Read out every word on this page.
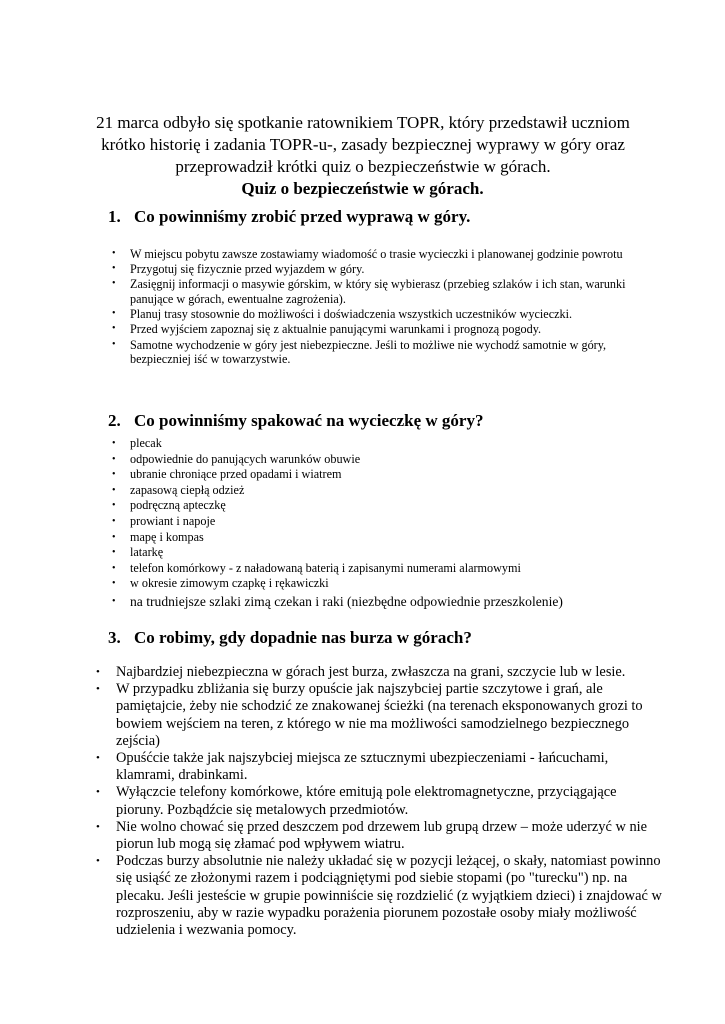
21 marca odbyło się spotkanie ratownikiem TOPR, który przedstawił uczniom krótko historię i zadania TOPR-u-, zasady bezpiecznej wyprawy w góry oraz przeprowadził krótki quiz o bezpieczeństwie w górach.
Quiz o bezpieczeństwie w górach.
1. Co powinniśmy zrobić przed wyprawą w góry.
• W miejscu pobytu zawsze zostawiamy wiadomość o trasie wycieczki i planowanej godzinie powrotu
• Przygotuj się fizycznie przed wyjazdem w góry.
• Zasięgnij informacji o masywie górskim, w który się wybierasz (przebieg szlaków i ich stan, warunki panujące w górach, ewentualne zagrożenia).
• Planuj trasy stosownie do możliwości i doświadczenia wszystkich uczestników wycieczki.
• Przed wyjściem zapoznaj się z aktualnie panującymi warunkami i prognozą pogody.
• Samotne wychodzenie w góry jest niebezpieczne. Jeśli to możliwe nie wychodź samotnie w góry, bezpieczniej iść w towarzystwie.
2. Co powinniśmy spakować na wycieczkę w góry?
• plecak
• odpowiednie do panujących warunków obuwie
• ubranie chroniące przed opadami i wiatrem
• zapasową ciepłą odzież
• podręczną apteczkę
• prowiant i napoje
• mapę i kompas
• latarkę
• telefon komórkowy - z naładowaną baterią i zapisanymi numerami alarmowymi
• w okresie zimowym czapkę i rękawiczki
• na trudniejsze szlaki zimą czekan i raki (niezbędne odpowiednie przeszkolenie)
3. Co robimy, gdy dopadnie nas burza w górach?
• Najbardziej niebezpieczna w górach jest burza, zwłaszcza na grani, szczycie lub w lesie.
• W przypadku zbliżania się burzy opuście jak najszybciej partie szczytowe i grań, ale pamiętajcie, żeby nie schodzić ze znakowanej ścieżki (na terenach eksponowanych grozi to bowiem wejściem na teren, z którego w nie ma możliwości samodzielnego bezpiecznego zejścia)
• Opuśćcie także jak najszybciej miejsca ze sztucznymi ubezpieczeniami - łańcuchami, klamrami, drabinkami.
• Wyłączcie telefony komórkowe, które emitują pole elektromagnetyczne, przyciągające pioruny. Pozbądźcie się metalowych przedmiotów.
• Nie wolno chować się przed deszczem pod drzewem lub grupą drzew – może uderzyć w nie piorun lub mogą się złamać pod wpływem wiatru.
• Podczas burzy absolutnie nie należy układać się w pozycji leżącej, o skały, natomiast powinno się usiąść ze złożonymi razem i podciągniętymi pod siebie stopami (po "turecku") np. na plecaku. Jeśli jesteście w grupie powinniście się rozdzielić (z wyjątkiem dzieci) i znajdować w rozproszeniu, aby w razie wypadku porażenia piorunem pozostałe osoby miały możliwość udzielenia i wezwania pomocy.
